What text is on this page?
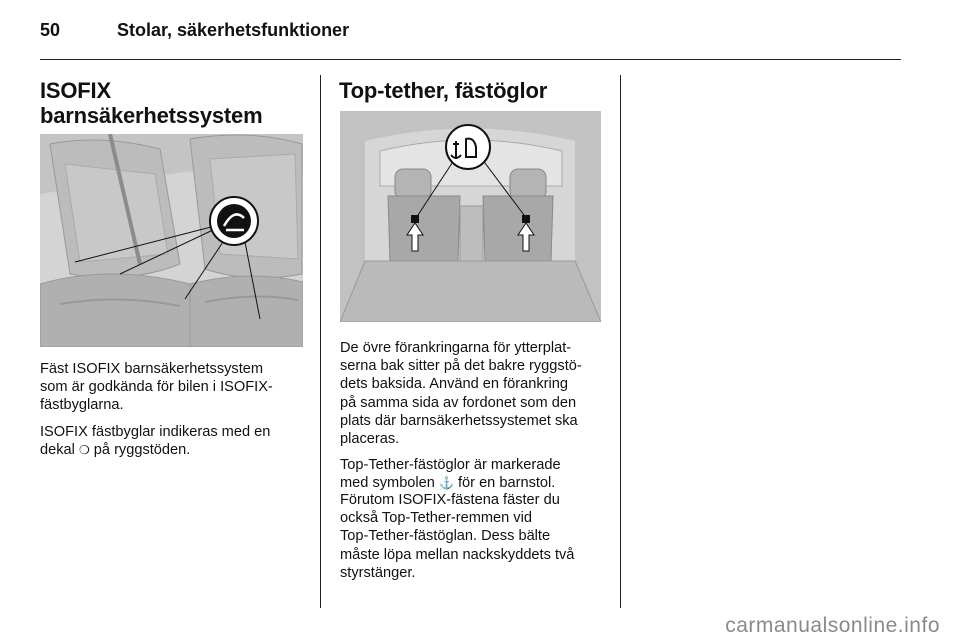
50	Stolar, säkerhetsfunktioner
ISOFIX
barnsäkerhetssystem

Fäst ISOFIX barnsäkerhetssystem
som är godkända för bilen i ISOFIX-
fästbyglarna.

ISOFIX fästbyglar indikeras med en
dekal ❍ på ryggstöden.

Top-tether, fästöglor

De övre förankringarna för ytterplat-
serna bak sitter på det bakre ryggstö-
dets baksida. Använd en förankring
på samma sida av fordonet som den
plats där barnsäkerhetssystemet ska
placeras.

Top-Tether-fästöglor är markerade
med symbolen ⚓ för en barnstol.

Förutom ISOFIX-fästena fäster du
också Top-Tether-remmen vid
Top-Tether-fästöglan. Dess bälte
måste löpa mellan nackskyddets två
styrstänger.

carmanualsonline.info
